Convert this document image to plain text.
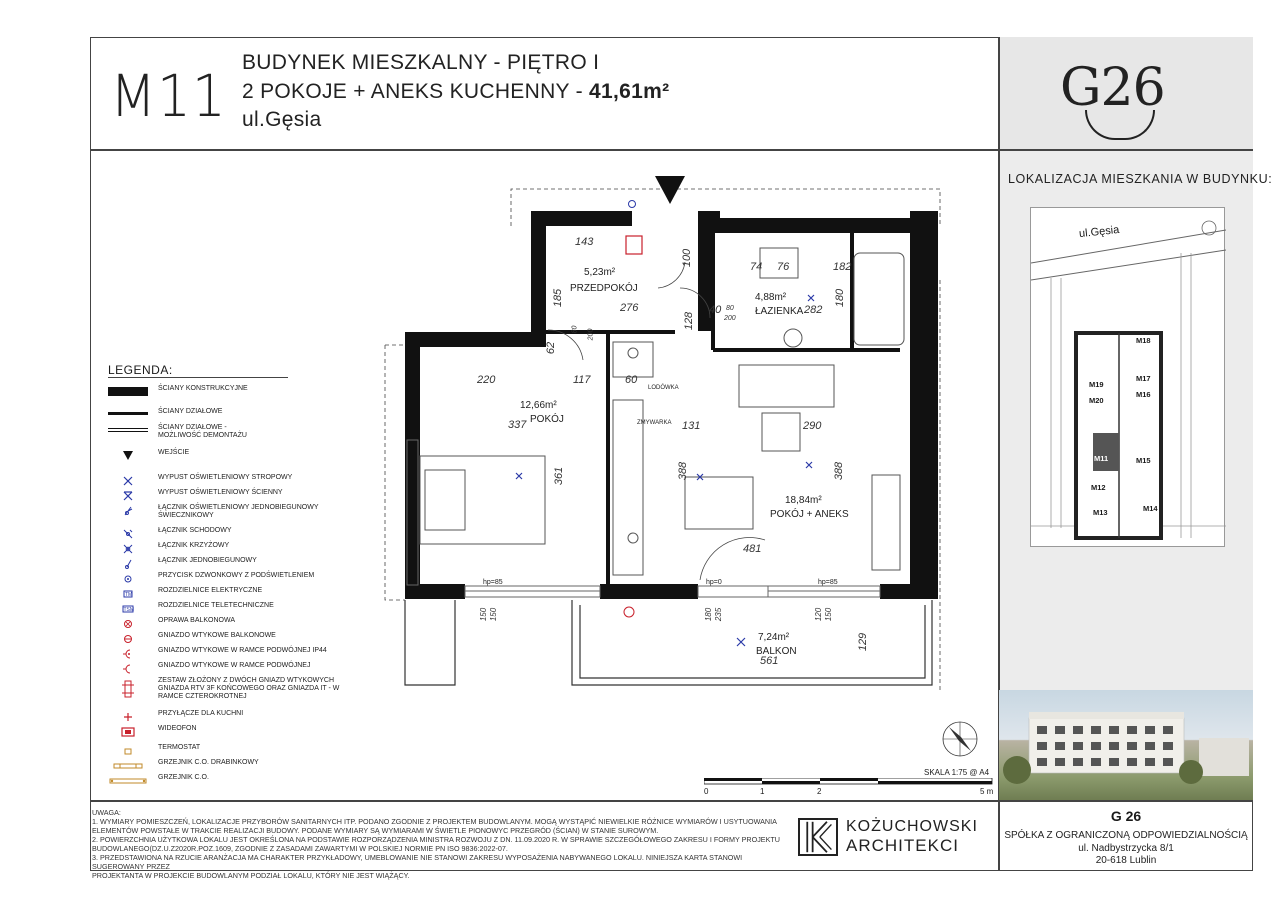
M11 BUDYNEK MIESZKALNY - PIĘTRO I
2 POKOJE + ANEKS KUCHENNY - 41,61m²
ul.Gęsia
G26
LOKALIZACJA MIESZKANIA W BUDYNKU:
ul.Gęsia
M18
M19
M17
M20
M16
M11	M15
M12
M13	M14
LEGENDA:
ŚCIANY KONSTRUKCYJNE
ŚCIANY DZIAŁOWE
ŚCIANY DZIAŁOWE - MOŻLIWOŚĆ DEMONTAŻU
WEJŚCIE
WYPUST OŚWIETLENIOWY STROPOWY
WYPUST OŚWIETLENIOWY ŚCIENNY
ŁĄCZNIK OŚWIETLENIOWY JEDNOBIEGUNOWY ŚWIECZNIKOWY
ŁĄCZNIK SCHODOWY
ŁĄCZNIK KRZYŻOWY
ŁĄCZNIK JEDNOBIEGUNOWY
PRZYCISK DZWONKOWY Z PODŚWIETLENIEM
TM
ROZDZIELNICE ELEKTRYCZNE
TSM
ROZDZIELNICE TELETECHNICZNE
OPRAWA BALKONOWA
GNIAZDO WTYKOWE BALKONOWE
GNIAZDO WTYKOWE W RAMCE PODWÓJNEJ IP44
GNIAZDO WTYKOWE W RAMCE PODWÓJNEJ
ZESTAW ZŁOŻONY Z DWÓCH GNIAZD WTYKOWYCH GNIAZDA RTV 3F KOŃCOWEGO ORAZ GNIAZDA IT - W RAMCE CZTEROKROTNEJ
PRZYŁĄCZE DLA KUCHNI
WIDEOFON
TERMOSTAT
GRZEJNIK C.O. DRABINKOWY
GRZEJNIK C.O.
5,23m²
PRZEDPOKÓJ
4,88m²
ŁAZIENKA
12,66m²
POKÓJ
18,84m²
POKÓJ + ANEKS
7,24m²
BALKON
LODÓWKA
ZMYWARKA
hp=85	hp=0	hp=85
143
100
185
276
128
40 80
200
74 76	182
180
282
62
80 200
60
220	117
337
361
131	290
388	388
481
150 150	180 235	120 150
561
129
SKALA 1:75 @ A4
0	1	2	5 m
UWAGA:
1. WYMIARY POMIESZCZEŃ, LOKALIZACJE PRZYBORÓW SANITARNYCH ITP. PODANO ZGODNIE Z PROJEKTEM BUDOWLANYM. MOGĄ WYSTĄPIĆ NIEWIELKIE RÓŻNICE WYMIARÓW I USYTUOWANIA
ELEMENTÓW POWSTAŁE W TRAKCIE REALIZACJI BUDOWY. PODANE WYMIARY SĄ WYMIARAMI W ŚWIETLE PIONOWYC PRZEGRÓD (ŚCIAN) W STANIE SUROWYM.
2. POWIERZCHNIA UŻYTKOWA LOKALU JEST OKREŚLONA NA PODSTAWIE ROZPORZĄDZENIA MINISTRA ROZWOJU Z DN. 11.09.2020 R. W SPRAWIE SZCZEGÓŁOWEGO ZAKRESU I FORMY PROJEKTU
BUDOWLANEGO(DZ.U.Z2020R.POZ.1609, ZGODNIE Z ZASADAMI ZAWARTYMI W POLSKIEJ NORMIE PN ISO 9836:2022-07.
3. PRZEDSTAWIONA NA RZUCIE ARANŻACJA MA CHARAKTER PRZYKŁADOWY, UMEBLOWANIE NIE STANOWI ZAKRESU WYPOSAŻENIA NABYWANEGO LOKALU. NINIEJSZA KARTA STANOWI SUGEROWANY PRZEZ
PROJEKTANTA W PROJEKCIE BUDOWLANYM PODZIAŁ LOKALU, KTÓRY NIE JEST WIĄŻĄCY.
KOŻUCHOWSKI
ARCHITEKCI
G 26
SPÓŁKA Z OGRANICZONĄ ODPOWIEDZIALNOŚCIĄ
ul. Nadbystrzycka 8/1
20-618 Lublin
